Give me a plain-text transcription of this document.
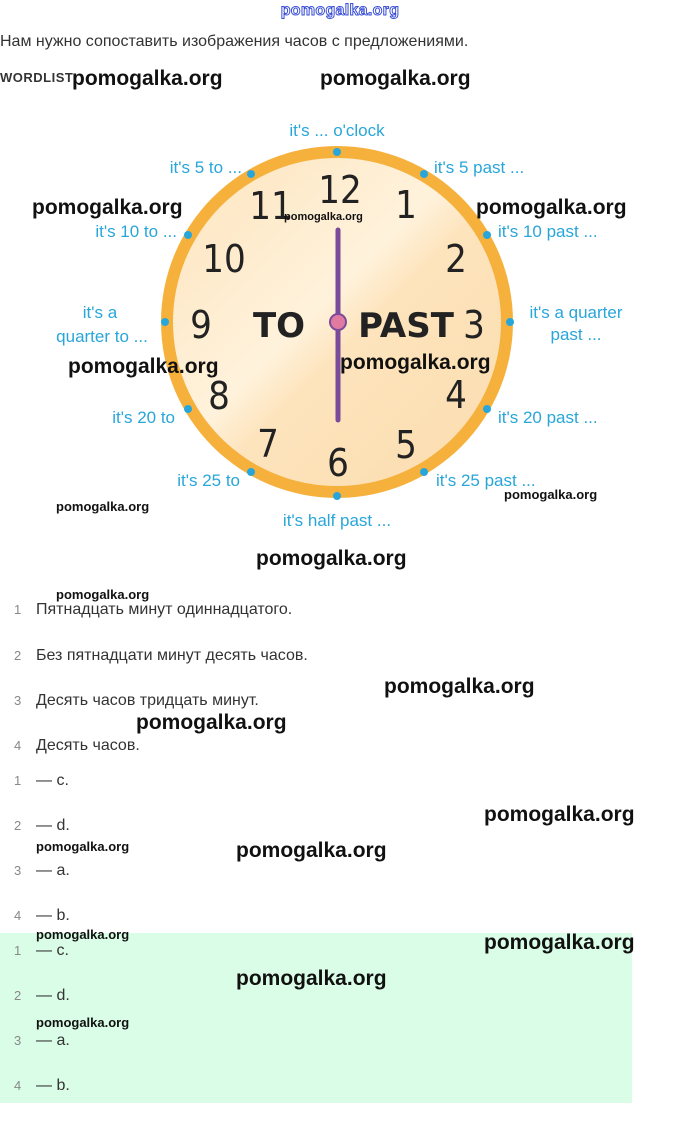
pomogalka.org
Нам нужно сопоставить изображения часов с предложениями.
WORDLIST
12 1
2
3
4
5
6
7
8
9
10
11
TO PAST
it's ... o'clock
it's 5 past ...
it's 10 past ...
it's a quarter
past ...
it's 20 past ...
it's 25 past ...
it's half past ...
it's 25 to
it's 20 to
it's a
quarter to ...
it's 10 to ...
it's 5 to ...
1 Пятнадцать минут одиннадцатого.
2 Без пятнадцати минут десять часов.
3 Десять часов тридцать минут.
4 Десять часов.
1 — c.
2 — d.
3 — a.
4 — b.
1 — c.
2 — d.
3 — a.
4 — b.
pomogalka.org	pomogalka.org
pomogalka.org	pomogalka.org	pomogalka.org
pomogalka.org	pomogalka.org
pomogalka.org
pomogalka.org
pomogalka.org
pomogalka.org
pomogalka.org
pomogalka.org
pomogalka.org
pomogalka.org	pomogalka.org
pomogalka.org	pomogalka.org
pomogalka.org
pomogalka.org
